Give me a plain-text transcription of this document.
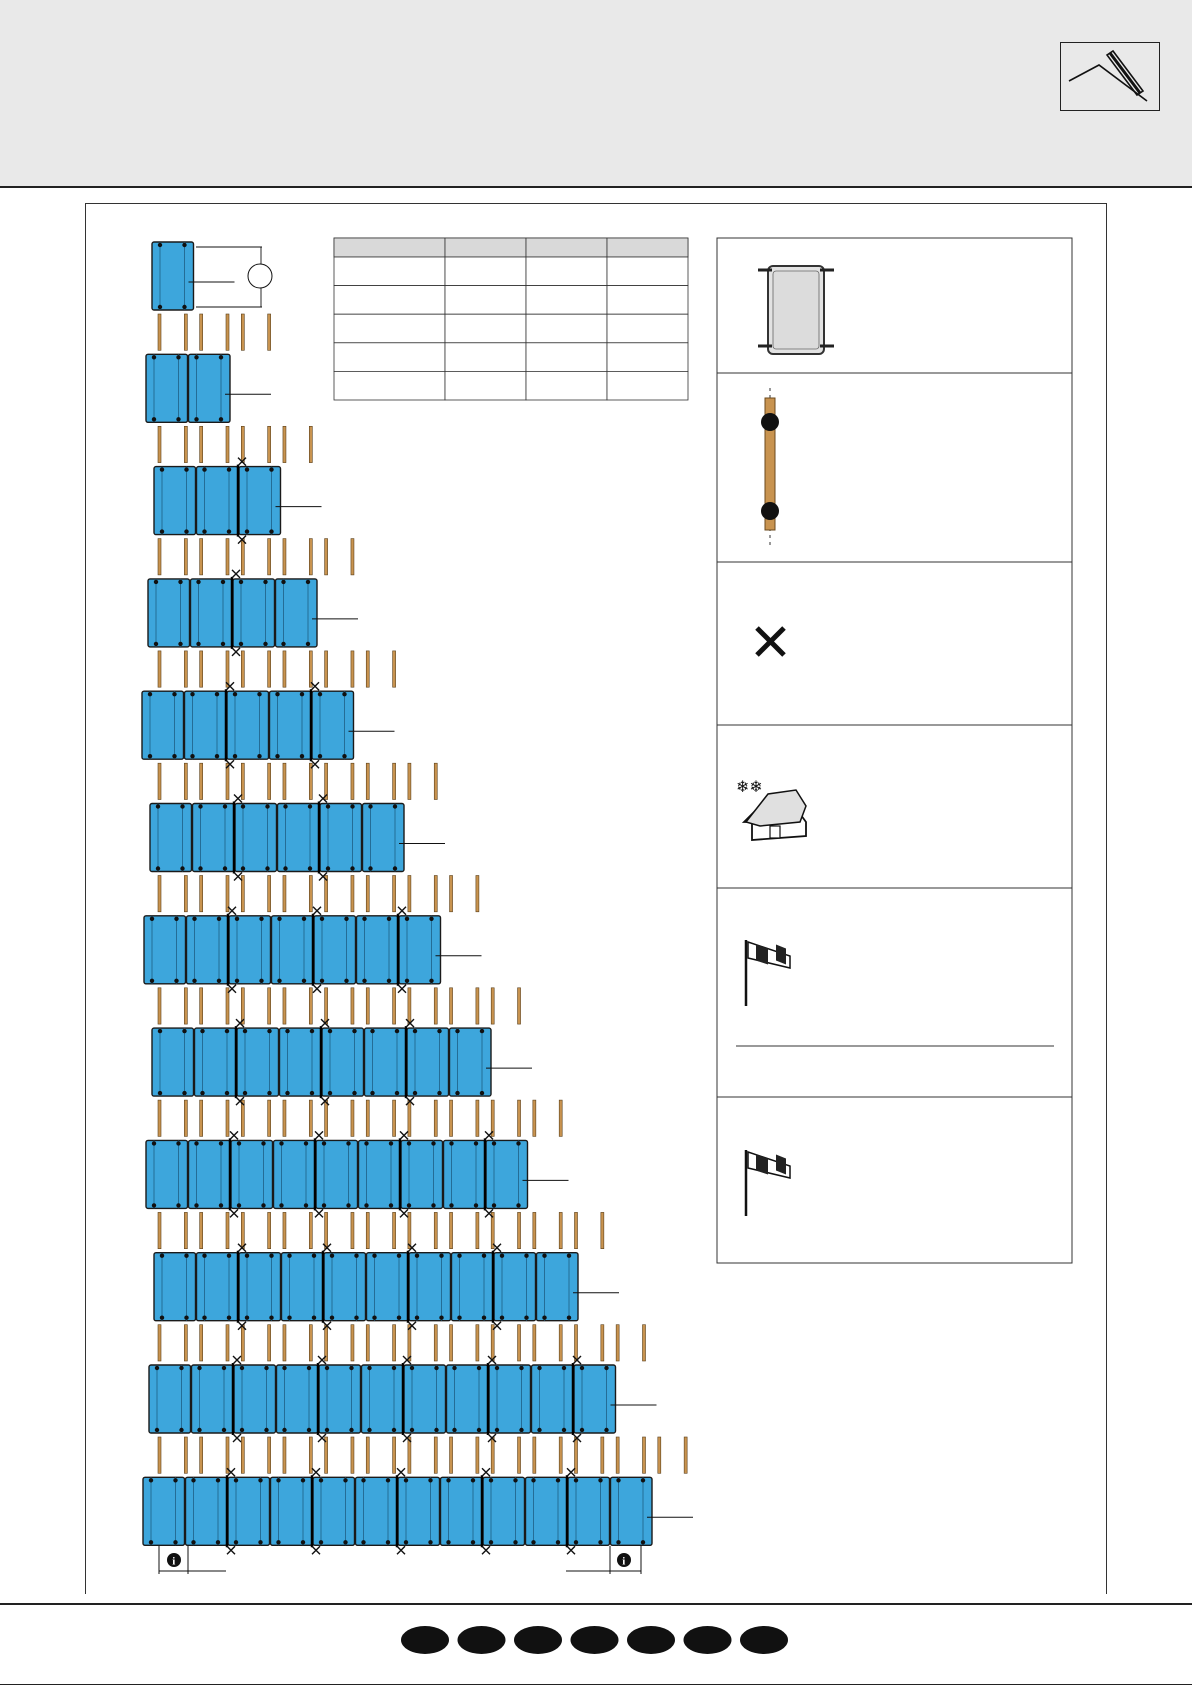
❄❄
i	i
